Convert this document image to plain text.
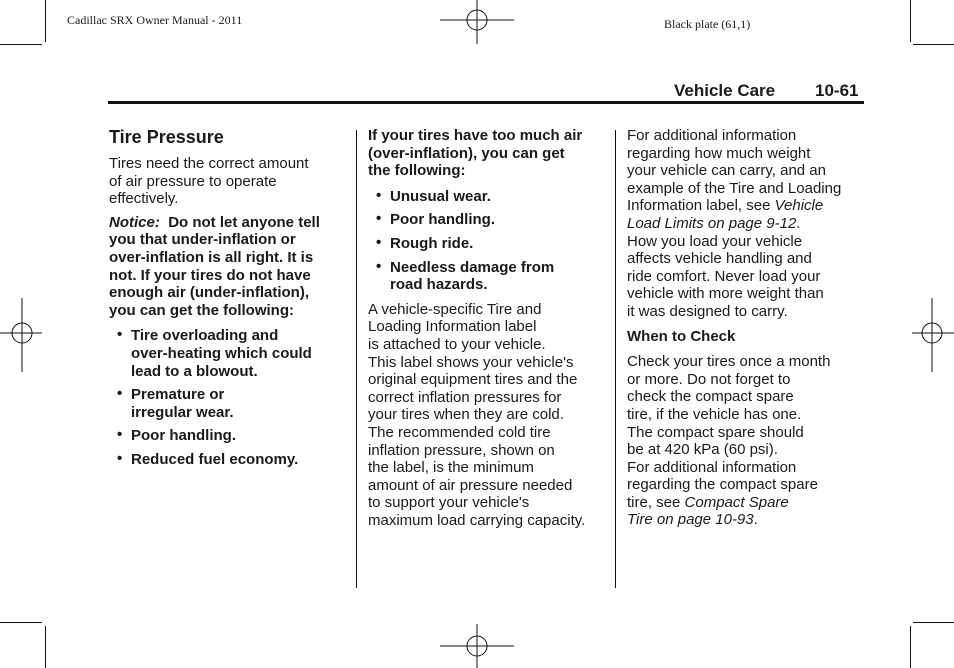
Cadillac SRX Owner Manual - 2011	Black plate (61,1)
Vehicle Care 10-61
Tire Pressure

Tires need the correct amount
of air pressure to operate
effectively.

Notice: Do not let anyone tell
you that under-inflation or
over-inflation is all right. It is
not. If your tires do not have
enough air (under-inflation),
you can get the following:

• Tire overloading and
over-heating which could
lead to a blowout.
• Premature or
irregular wear.
• Poor handling.
• Reduced fuel economy.

If your tires have too much air
(over-inflation), you can get
the following:

• Unusual wear.
• Poor handling.
• Rough ride.
• Needless damage from
road hazards.

A vehicle-specific Tire and
Loading Information label
is attached to your vehicle.
This label shows your vehicle's
original equipment tires and the
correct inflation pressures for
your tires when they are cold.
The recommended cold tire
inflation pressure, shown on
the label, is the minimum
amount of air pressure needed
to support your vehicle's
maximum load carrying capacity.

For additional information
regarding how much weight
your vehicle can carry, and an
example of the Tire and Loading
Information label, see Vehicle
Load Limits on page 9-12.
How you load your vehicle
affects vehicle handling and
ride comfort. Never load your
vehicle with more weight than
it was designed to carry.

When to Check

Check your tires once a month
or more. Do not forget to
check the compact spare
tire, if the vehicle has one.
The compact spare should
be at 420 kPa (60 psi).
For additional information
regarding the compact spare
tire, see Compact Spare
Tire on page 10-93.
